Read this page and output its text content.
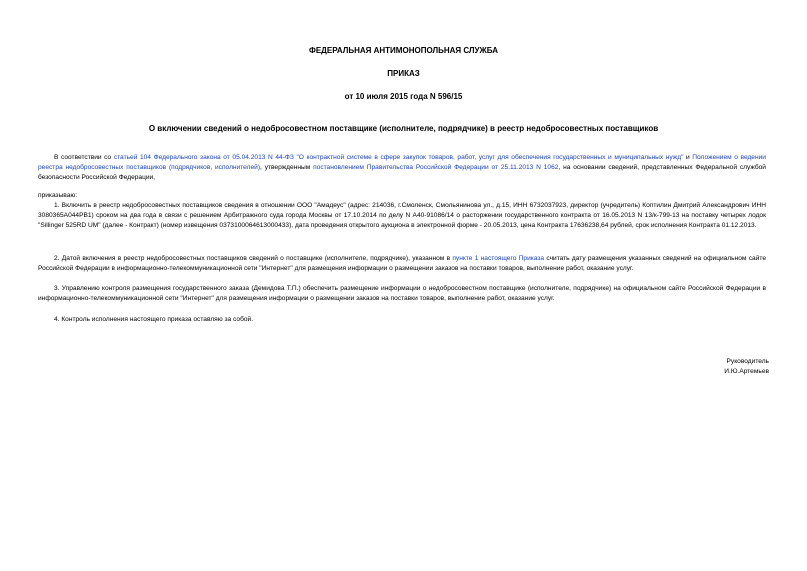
ФЕДЕРАЛЬНАЯ АНТИМОНОПОЛЬНАЯ СЛУЖБА
ПРИКАЗ
от 10 июля 2015 года N 596/15
О включении сведений о недобросовестном поставщике (исполнителе, подрядчике) в реестр недобросовестных поставщиков
В соответствии со статьей 104 Федерального закона от 05.04.2013 N 44-ФЗ "О контрактной системе в сфере закупок товаров, работ, услуг для обеспечения государственных и муниципальных нужд" и Положением о ведении реестра недобросовестных поставщиков (подрядчиков, исполнителей), утвержденным постановлением Правительства Российской Федерации от 25.11.2013 N 1062, на основании сведений, представленных Федеральной службой безопасности Российской Федерации,
приказываю:
1. Включить в реестр недобросовестных поставщиков сведения в отношении ООО "Амадеус" (адрес: 214036, г.Смоленск, Смольянинова ул., д.15, ИНН 6732037923, директор (учредитель) Коптилин Дмитрий Александрович ИНН 3080365А044РВ1) сроком на два года в связи с решением Арбитражного суда города Москвы от 17.10.2014 по делу N А40-91086/14 о расторжении государственного контракта от 16.05.2013 N 13/к-799-13 на поставку четырех лодок "Sillinger 525RD UM" (далее - Контракт) (номер извещения 0373100064613000433), дата проведения открытого аукциона в электронной форме - 20.05.2013, цена Контракта 17636238,64 рублей, срок исполнения Контракта 01.12.2013.
2. Датой включения в реестр недобросовестных поставщиков сведений о поставщике (исполнителе, подрядчике), указанном в пункте 1 настоящего Приказа считать дату размещения указанных сведений на официальном сайте Российской Федерации в информационно-телекоммуникационной сети "Интернет" для размещения информации о размещении заказов на поставки товаров, выполнение работ, оказание услуг.
3. Управлению контроля размещения государственного заказа (Демидова Т.П.) обеспечить размещение информации о недобросовестном поставщике (исполнителе, подрядчике) на официальном сайте Российской Федерации в информационно-телекоммуникационной сети "Интернет" для размещения информации о размещении заказов на поставки товаров, выполнение работ, оказание услуг.
4. Контроль исполнения настоящего приказа оставляю за собой.
Руководитель
И.Ю.Артемьев
